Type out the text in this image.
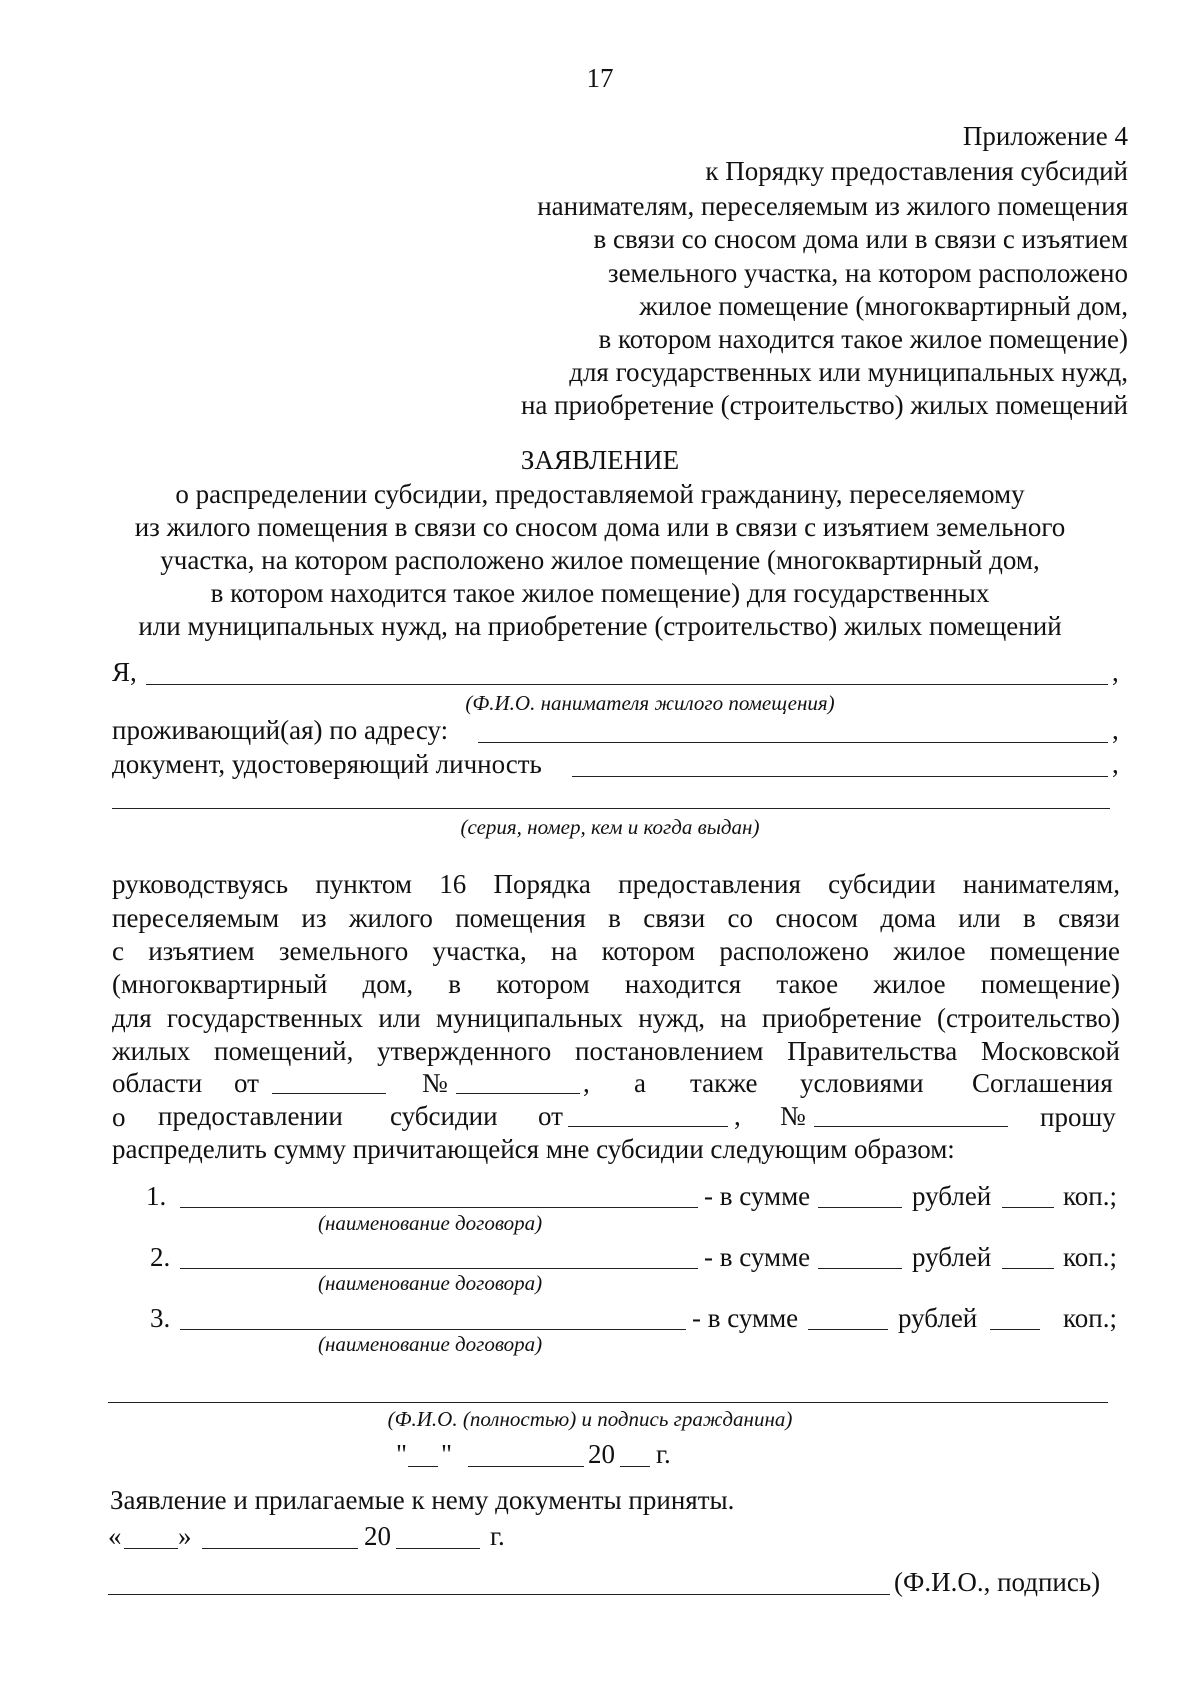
17
Приложение 4
к Порядку предоставления субсидий
нанимателям, переселяемым из жилого помещения
в связи со сносом дома или в связи с изъятием
земельного участка, на котором расположено
жилое помещение (многоквартирный дом,
в котором находится такое жилое помещение)
для государственных или муниципальных нужд,
на приобретение (строительство) жилых помещений
ЗАЯВЛЕНИЕ
о распределении субсидии, предоставляемой гражданину, переселяемому
из жилого помещения в связи со сносом дома или в связи с изъятием земельного
участка, на котором расположено жилое помещение (многоквартирный дом,
в котором находится такое жилое помещение) для государственных
или муниципальных нужд, на приобретение (строительство) жилых помещений
Я,	,
(Ф.И.О. нанимателя жилого помещения)
проживающий(ая) по адресу:	,
документ, удостоверяющий личность	,
(серия, номер, кем и когда выдан)
руководствуясь пунктом 16 Порядка предоставления субсидии нанимателям,
переселяемым из жилого помещения в связи со сносом дома или в связи
с изъятием земельного участка, на котором расположено жилое помещение
(многоквартирный дом, в котором находится такое жилое помещение)
для государственных или муниципальных нужд, на приобретение (строительство)
жилых помещений, утвержденного постановлением Правительства Московской
области от	№	, а также условиями Соглашения
о предоставлении субсидии от	, №	прошу
распределить сумму причитающейся мне субсидии следующим образом:
1.	- в сумме	рублей	коп.;
(наименование договора)
2.	- в сумме	рублей	коп.;
(наименование договора)
3.	- в сумме	рублей	коп.;
(наименование договора)
(Ф.И.О. (полностью) и подпись гражданина)
" "	20 г.
Заявление и прилагаемые к нему документы приняты.
« »	20	г.
(Ф.И.О., подпись)
